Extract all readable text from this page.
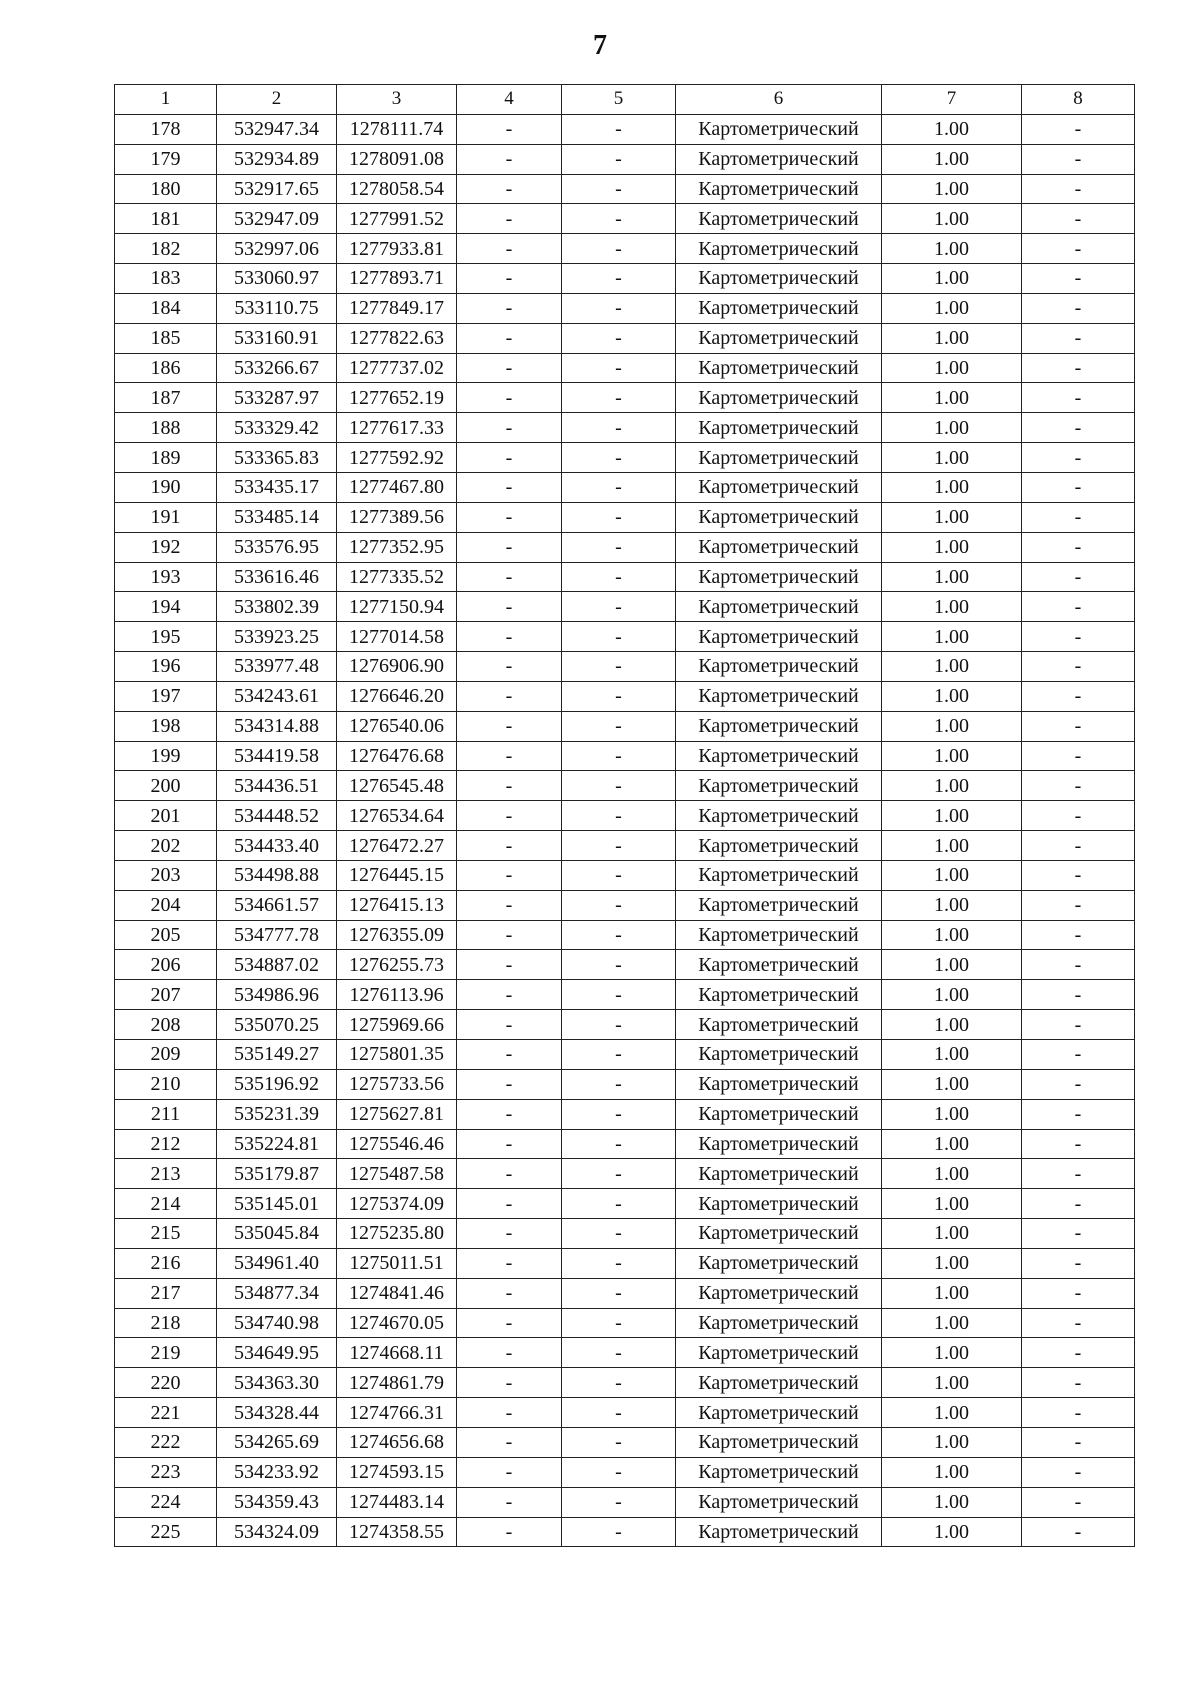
7
1	2	3	4	5	6	7	8
178	532947.34	1278111.74	-	-	Картометрический	1.00	-
179	532934.89	1278091.08	-	-	Картометрический	1.00	-
180	532917.65	1278058.54	-	-	Картометрический	1.00	-
181	532947.09	1277991.52	-	-	Картометрический	1.00	-
182	532997.06	1277933.81	-	-	Картометрический	1.00	-
183	533060.97	1277893.71	-	-	Картометрический	1.00	-
184	533110.75	1277849.17	-	-	Картометрический	1.00	-
185	533160.91	1277822.63	-	-	Картометрический	1.00	-
186	533266.67	1277737.02	-	-	Картометрический	1.00	-
187	533287.97	1277652.19	-	-	Картометрический	1.00	-
188	533329.42	1277617.33	-	-	Картометрический	1.00	-
189	533365.83	1277592.92	-	-	Картометрический	1.00	-
190	533435.17	1277467.80	-	-	Картометрический	1.00	-
191	533485.14	1277389.56	-	-	Картометрический	1.00	-
192	533576.95	1277352.95	-	-	Картометрический	1.00	-
193	533616.46	1277335.52	-	-	Картометрический	1.00	-
194	533802.39	1277150.94	-	-	Картометрический	1.00	-
195	533923.25	1277014.58	-	-	Картометрический	1.00	-
196	533977.48	1276906.90	-	-	Картометрический	1.00	-
197	534243.61	1276646.20	-	-	Картометрический	1.00	-
198	534314.88	1276540.06	-	-	Картометрический	1.00	-
199	534419.58	1276476.68	-	-	Картометрический	1.00	-
200	534436.51	1276545.48	-	-	Картометрический	1.00	-
201	534448.52	1276534.64	-	-	Картометрический	1.00	-
202	534433.40	1276472.27	-	-	Картометрический	1.00	-
203	534498.88	1276445.15	-	-	Картометрический	1.00	-
204	534661.57	1276415.13	-	-	Картометрический	1.00	-
205	534777.78	1276355.09	-	-	Картометрический	1.00	-
206	534887.02	1276255.73	-	-	Картометрический	1.00	-
207	534986.96	1276113.96	-	-	Картометрический	1.00	-
208	535070.25	1275969.66	-	-	Картометрический	1.00	-
209	535149.27	1275801.35	-	-	Картометрический	1.00	-
210	535196.92	1275733.56	-	-	Картометрический	1.00	-
211	535231.39	1275627.81	-	-	Картометрический	1.00	-
212	535224.81	1275546.46	-	-	Картометрический	1.00	-
213	535179.87	1275487.58	-	-	Картометрический	1.00	-
214	535145.01	1275374.09	-	-	Картометрический	1.00	-
215	535045.84	1275235.80	-	-	Картометрический	1.00	-
216	534961.40	1275011.51	-	-	Картометрический	1.00	-
217	534877.34	1274841.46	-	-	Картометрический	1.00	-
218	534740.98	1274670.05	-	-	Картометрический	1.00	-
219	534649.95	1274668.11	-	-	Картометрический	1.00	-
220	534363.30	1274861.79	-	-	Картометрический	1.00	-
221	534328.44	1274766.31	-	-	Картометрический	1.00	-
222	534265.69	1274656.68	-	-	Картометрический	1.00	-
223	534233.92	1274593.15	-	-	Картометрический	1.00	-
224	534359.43	1274483.14	-	-	Картометрический	1.00	-
225	534324.09	1274358.55	-	-	Картометрический	1.00	-
